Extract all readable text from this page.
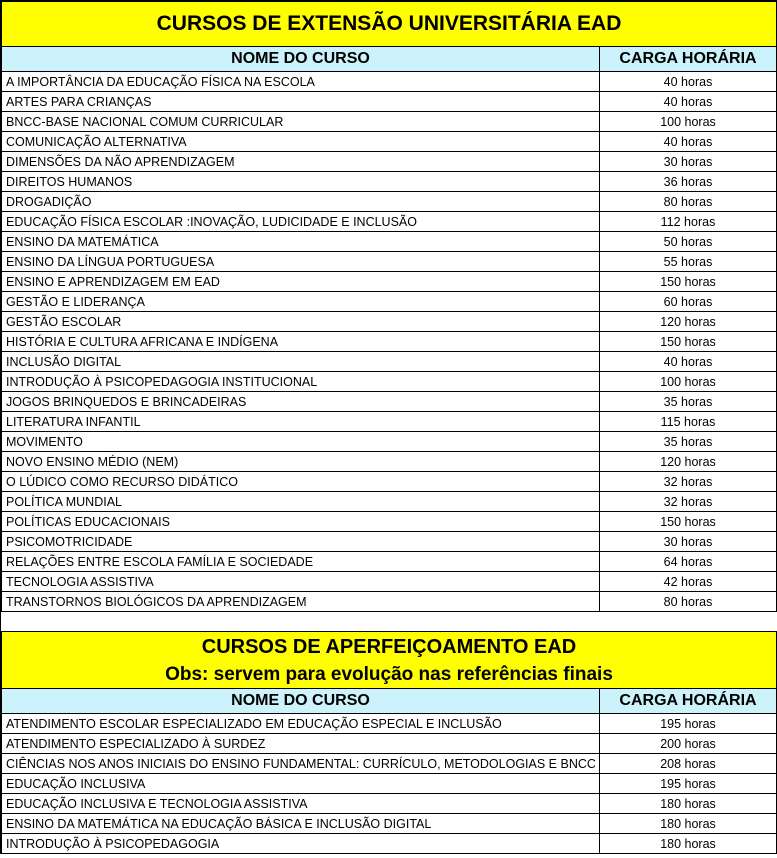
CURSOS DE EXTENSÃO UNIVERSITÁRIA EAD	
NOME DO CURSO	CARGA HORÁRIA
A IMPORTÂNCIA DA EDUCAÇÃO FÍSICA NA ESCOLA	40 horas
ARTES PARA CRIANÇAS	40 horas
BNCC-BASE NACIONAL COMUM CURRICULAR	100 horas
COMUNICAÇÃO ALTERNATIVA	40 horas
DIMENSÕES DA NÃO APRENDIZAGEM	30 horas
DIREITOS HUMANOS	36 horas
DROGADIÇÃO	80 horas
EDUCAÇÃO FÍSICA ESCOLAR :INOVAÇÃO, LUDICIDADE E INCLUSÃO	112 horas
ENSINO DA MATEMÁTICA	50 horas
ENSINO DA LÍNGUA PORTUGUESA	55 horas
ENSINO E APRENDIZAGEM EM EAD	150 horas
GESTÃO E LIDERANÇA	60 horas
GESTÃO ESCOLAR	120 horas
HISTÓRIA E CULTURA AFRICANA E INDÍGENA	150 horas
INCLUSÃO DIGITAL	40 horas
INTRODUÇÃO À PSICOPEDAGOGIA INSTITUCIONAL	100 horas
JOGOS BRINQUEDOS E BRINCADEIRAS	35 horas
LITERATURA INFANTIL	115 horas
MOVIMENTO	35 horas
NOVO ENSINO MÉDIO (NEM)	120 horas
O LÚDICO COMO RECURSO DIDÁTICO	32 horas
POLÍTICA MUNDIAL	32 horas
POLÍTICAS EDUCACIONAIS	150 horas
PSICOMOTRICIDADE	30 horas
RELAÇÕES ENTRE ESCOLA FAMÍLIA E SOCIEDADE	64 horas
TECNOLOGIA ASSISTIVA	42 horas
TRANSTORNOS BIOLÓGICOS DA APRENDIZAGEM	80 horas

CURSOS DE APERFEIÇOAMENTO EAD	
Obs: servem para evolução nas referências finais	
NOME DO CURSO	CARGA HORÁRIA
ATENDIMENTO ESCOLAR ESPECIALIZADO EM EDUCAÇÃO ESPECIAL E INCLUSÃO	195 horas
ATENDIMENTO ESPECIALIZADO À SURDEZ	200 horas
CIÊNCIAS NOS ANOS INICIAIS DO ENSINO FUNDAMENTAL: CURRÍCULO, METODOLOGIAS E BNCC	208 horas
EDUCAÇÃO INCLUSIVA	195 horas
EDUCAÇÃO INCLUSIVA E TECNOLOGIA ASSISTIVA	180 horas
ENSINO DA MATEMÁTICA NA EDUCAÇÃO BÁSICA E INCLUSÃO DIGITAL	180 horas
INTRODUÇÃO À PSICOPEDAGOGIA	180 horas
